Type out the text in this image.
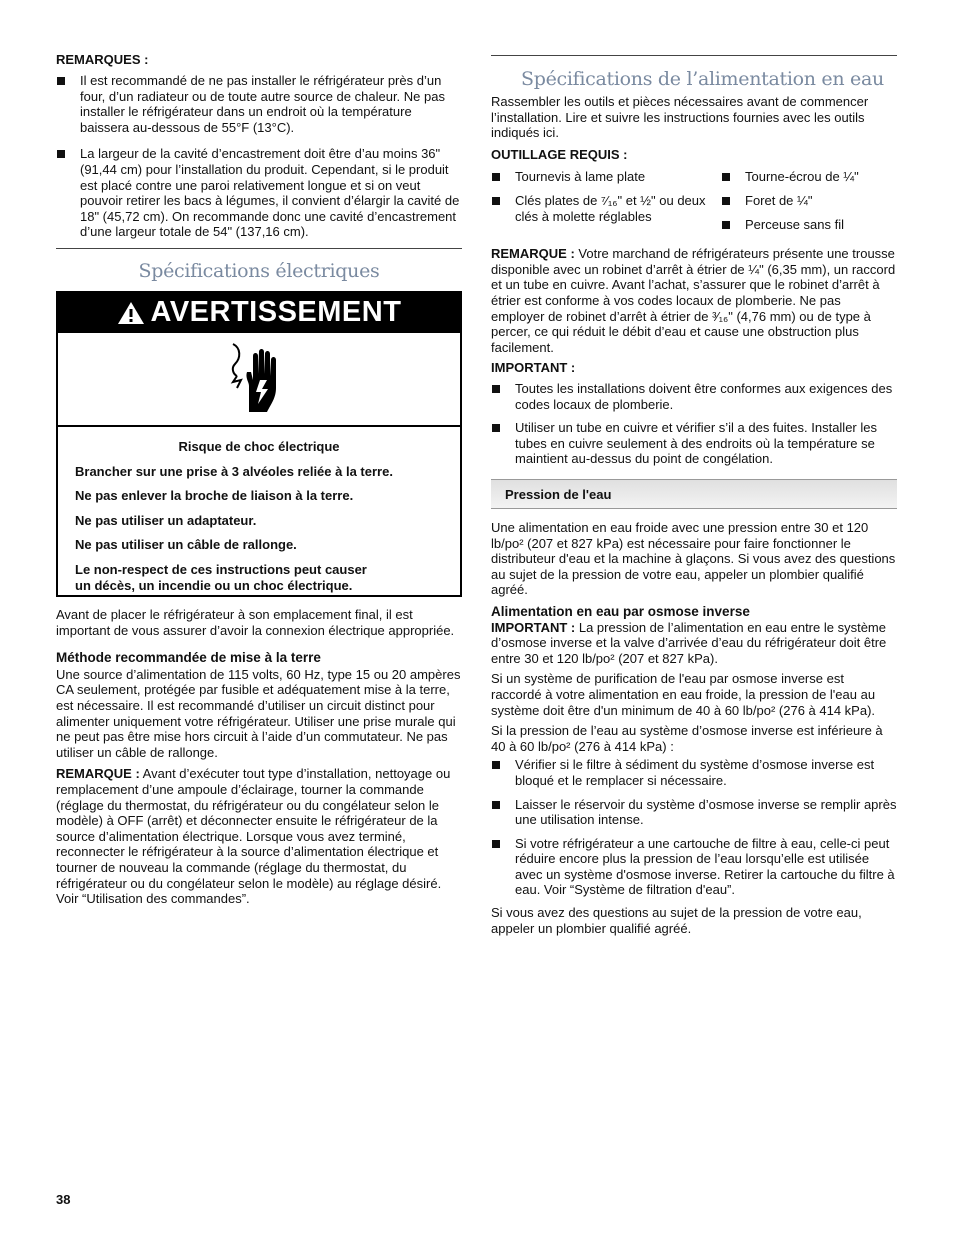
REMARQUES :

Il est recommandé de ne pas installer le réfrigérateur près d’un four, d’un radiateur ou de toute autre source de chaleur. Ne pas installer le réfrigérateur dans un endroit où la température baissera au-dessous de 55°F (13°C).
La largeur de la cavité d’encastrement doit être d’au moins 36" (91,44 cm) pour l’installation du produit. Cependant, si le produit est placé contre une paroi relativement longue et si on veut pouvoir retirer les bacs à légumes, il convient d’élargir la cavité de 18" (45,72 cm). On recommande donc une cavité d’encastrement d’une largeur totale de 54" (137,16 cm).
Spécifications électriques
AVERTISSEMENT

Risque de choc électrique

Brancher sur une prise à 3 alvéoles reliée à la terre.

Ne pas enlever la broche de liaison à la terre.

Ne pas utiliser un adaptateur.

Ne pas utiliser un câble de rallonge.

Le non-respect de ces instructions peut causer un décès, un incendie ou un choc électrique.

Avant de placer le réfrigérateur à son emplacement final, il est important de vous assurer d’avoir la connexion électrique appropriée.

Méthode recommandée de mise à la terre

Une source d’alimentation de 115 volts, 60 Hz, type 15 ou 20 ampères CA seulement, protégée par fusible et adéquatement mise à la terre, est nécessaire. Il est recommandé d’utiliser un circuit distinct pour alimenter uniquement votre réfrigérateur. Utiliser une prise murale qui ne peut pas être mise hors circuit à l’aide d’un commutateur. Ne pas utiliser un câble de rallonge.

REMARQUE : Avant d’exécuter tout type d’installation, nettoyage ou remplacement d’une ampoule d’éclairage, tourner la commande (réglage du thermostat, du réfrigérateur ou du congélateur selon le modèle) à OFF (arrêt) et déconnecter ensuite le réfrigérateur de la source d’alimentation électrique. Lorsque vous avez terminé, reconnecter le réfrigérateur à la source d’alimentation électrique et tourner de nouveau la commande (réglage du thermostat, du réfrigérateur ou du congélateur selon le modèle) au réglage désiré. Voir “Utilisation des commandes”.

Spécifications de l’alimentation en eau

Rassembler les outils et pièces nécessaires avant de commencer l’installation. Lire et suivre les instructions fournies avec les outils indiqués ici.

OUTILLAGE REQUIS :

Tournevis à lame plate
Clés plates de ⁷⁄₁₆" et ½" ou deux clés à molette réglables
Tourne-écrou de ¼"
Foret de ¼"
Perceuse sans fil

REMARQUE : Votre marchand de réfrigérateurs présente une trousse disponible avec un robinet d’arrêt à étrier de ¼" (6,35 mm), un raccord et un tube en cuivre. Avant l’achat, s’assurer que le robinet d’arrêt à étrier est conforme à vos codes locaux de plomberie. Ne pas employer de robinet d’arrêt à étrier de ³⁄₁₆" (4,76 mm) ou de type à percer, ce qui réduit le débit d’eau et cause une obstruction plus facilement.

IMPORTANT :

Toutes les installations doivent être conformes aux exigences des codes locaux de plomberie.
Utiliser un tube en cuivre et vérifier s’il a des fuites. Installer les tubes en cuivre seulement à des endroits où la température se maintient au-dessus du point de congélation.
Pression de l'eau

Une alimentation en eau froide avec une pression entre 30 et 120 lb/po² (207 et 827 kPa) est nécessaire pour faire fonctionner le distributeur d'eau et la machine à glaçons. Si vous avez des questions au sujet de la pression de votre eau, appeler un plombier qualifié agréé.

Alimentation en eau par osmose inverse

IMPORTANT : La pression de l’alimentation en eau entre le système d’osmose inverse et la valve d’arrivée d’eau du réfrigérateur doit être entre 30 et 120 lb/po² (207 et 827 kPa).

Si un système de purification de l'eau par osmose inverse est raccordé à votre alimentation en eau froide, la pression de l'eau au système doit être d'un minimum de 40 à 60 lb/po² (276 à 414 kPa).

Si la pression de l’eau au système d’osmose inverse est inférieure à 40 à 60 lb/po² (276 à 414 kPa) :

Vérifier si le filtre à sédiment du système d’osmose inverse est bloqué et le remplacer si nécessaire.
Laisser le réservoir du système d’osmose inverse se remplir après une utilisation intense.
Si votre réfrigérateur a une cartouche de filtre à eau, celle-ci peut réduire encore plus la pression de l’eau lorsqu’elle est utilisée avec un système d'osmose inverse. Retirer la cartouche du filtre à eau. Voir “Système de filtration d'eau”.

Si vous avez des questions au sujet de la pression de votre eau, appeler un plombier qualifié agréé.

38
